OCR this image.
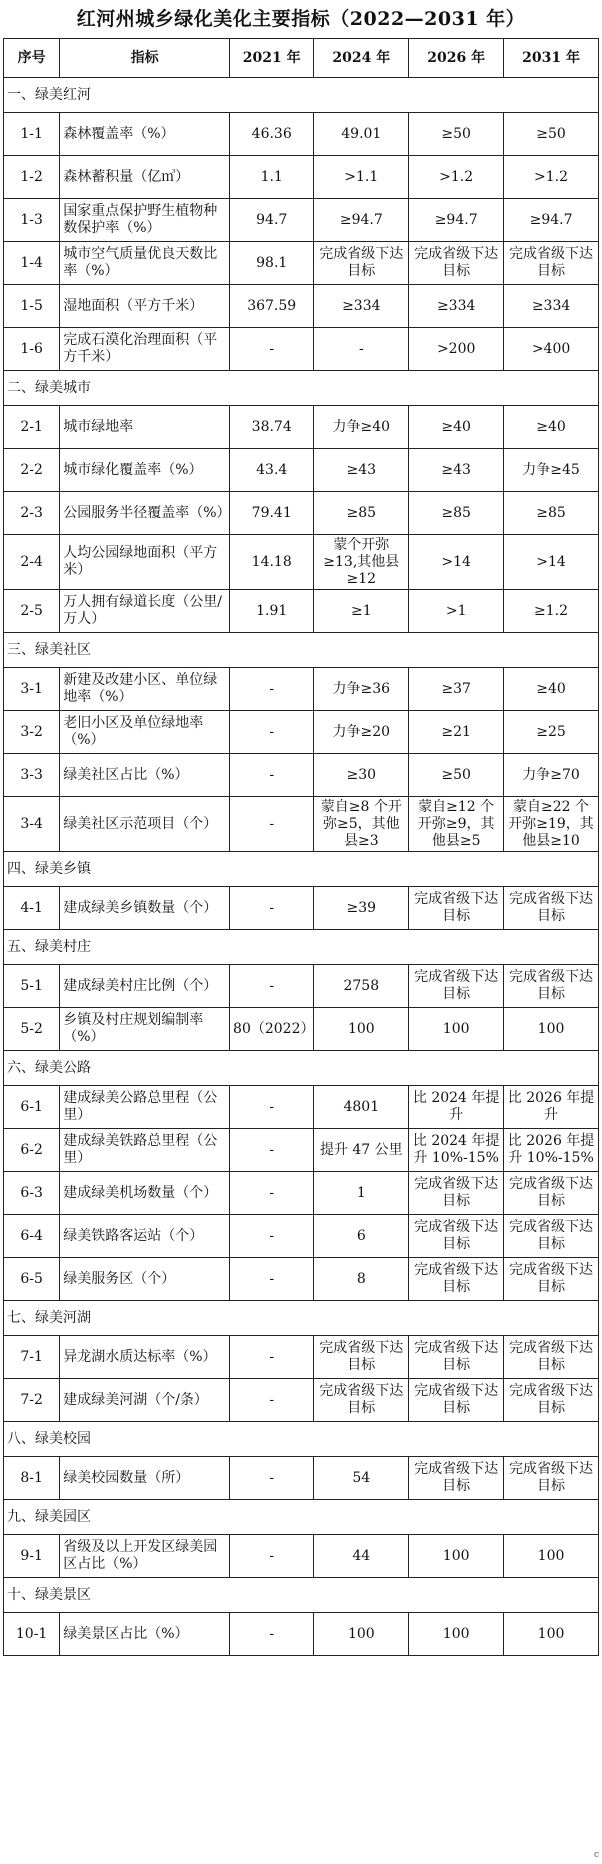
红河州城乡绿化美化主要指标（2022—2031 年）
序号	指标	2021 年	2024 年	2026 年	2031 年
一、绿美红河					
1-1	森林覆盖率（%）	46.36	49.01	≥50	≥50
1-2	森林蓄积量（亿㎥）	1.1	>1.1	>1.2	>1.2
1-3	国家重点保护野生植物种数保护率（%）	94.7	≥94.7	≥94.7	≥94.7
1-4	城市空气质量优良天数比率（%）	98.1	完成省级下达目标	完成省级下达目标	完成省级下达目标
1-5	湿地面积（平方千米）	367.59	≥334	≥334	≥334
1-6	完成石漠化治理面积（平方千米）	-	-	>200	>400
二、绿美城市					
2-1	城市绿地率	38.74	力争≥40	≥40	≥40
2-2	城市绿化覆盖率（%）	43.4	≥43	≥43	力争≥45
2-3	公园服务半径覆盖率（%）	79.41	≥85	≥85	≥85
2-4	人均公园绿地面积（平方米）	14.18	蒙个开弥≥13,其他县≥12	>14	>14
2-5	万人拥有绿道长度（公里/万人）	1.91	≥1	>1	≥1.2
三、绿美社区					
3-1	新建及改建小区、单位绿地率（%）	-	力争≥36	≥37	≥40
3-2	老旧小区及单位绿地率（%）	-	力争≥20	≥21	≥25
3-3	绿美社区占比（%）	-	≥30	≥50	力争≥70
3-4	绿美社区示范项目（个）	-	蒙自≥8 个开弥≥5，其他县≥3	蒙自≥12 个开弥≥9，其他县≥5	蒙自≥22 个开弥≥19，其他县≥10
四、绿美乡镇					
4-1	建成绿美乡镇数量（个）	-	≥39	完成省级下达目标	完成省级下达目标
五、绿美村庄					
5-1	建成绿美村庄比例（个）	-	2758	完成省级下达目标	完成省级下达目标
5-2	乡镇及村庄规划编制率（%）	80（2022）	100	100	100
六、绿美公路					
6-1	建成绿美公路总里程（公里）	-	4801	比 2024 年提升	比 2026 年提升
6-2	建成绿美铁路总里程（公里）	-	提升 47 公里	比 2024 年提升 10%-15%	比 2026 年提升 10%-15%
6-3	建成绿美机场数量（个）	-	1	完成省级下达目标	完成省级下达目标
6-4	绿美铁路客运站（个）	-	6	完成省级下达目标	完成省级下达目标
6-5	绿美服务区（个）	-	8	完成省级下达目标	完成省级下达目标
七、绿美河湖					
7-1	异龙湖水质达标率（%）	-	完成省级下达目标	完成省级下达目标	完成省级下达目标
7-2	建成绿美河湖（个/条）	-	完成省级下达目标	完成省级下达目标	完成省级下达目标
八、绿美校园					
8-1	绿美校园数量（所）	-	54	完成省级下达目标	完成省级下达目标
九、绿美园区					
9-1	省级及以上开发区绿美园区占比（%）	-	44	100	100
十、绿美景区					
10-1	绿美景区占比（%）	-	100	100	100
c
